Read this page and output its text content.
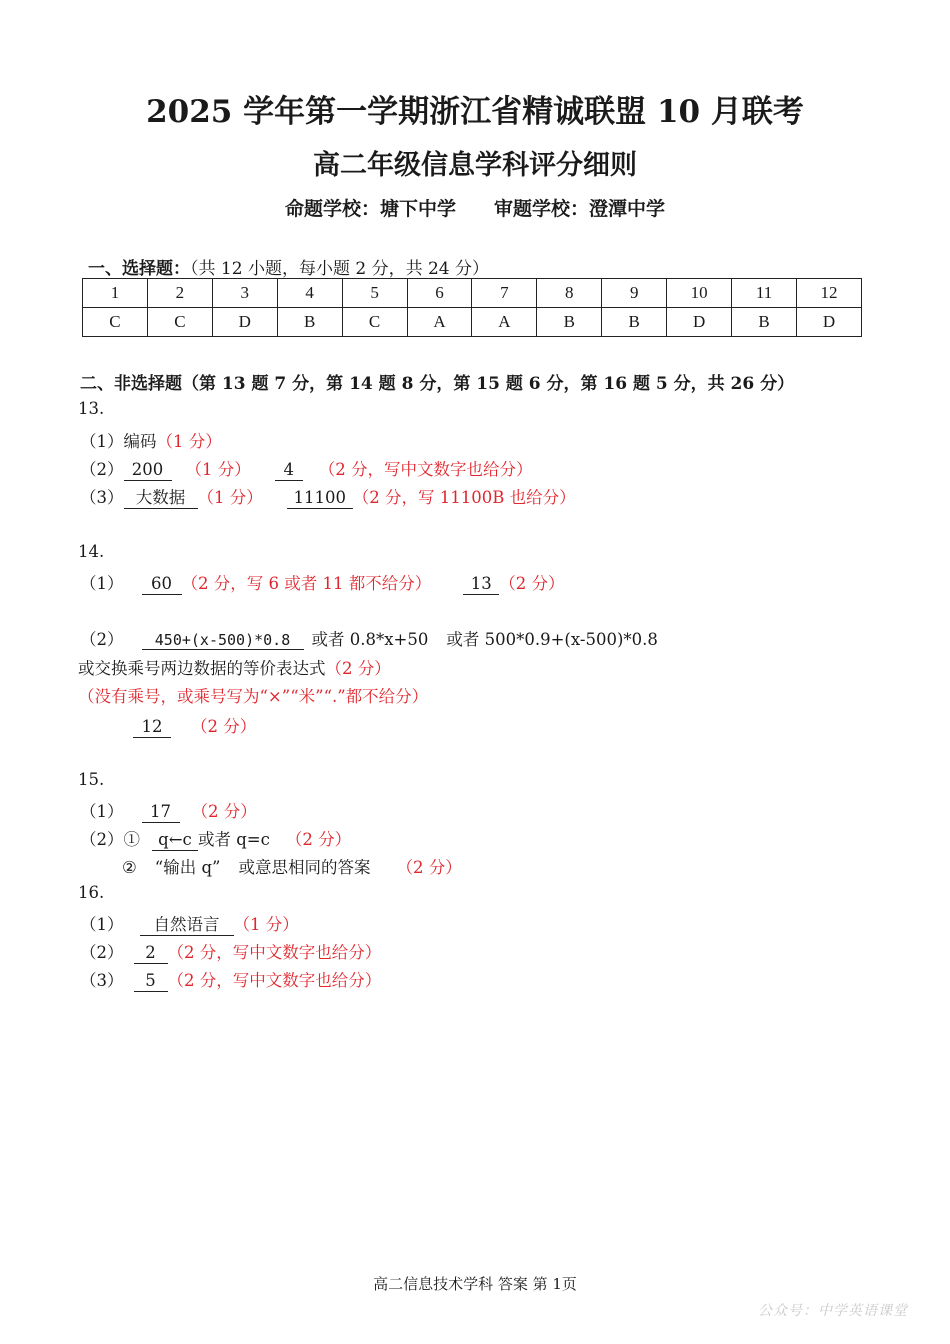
2025 学年第一学期浙江省精诚联盟 10 月联考
高二年级信息学科评分细则
命题学校：塘下中学　　审题学校：澄潭中学
一、选择题：（共 12 小题，每小题 2 分，共 24 分）
1	2	3	4	5	6	7	8	9	10	11	12
C	C	D	B	C	A	A	B	B	D	B	D
二、非选择题（第 13 题 7 分，第 14 题 8 分，第 15 题 6 分，第 16 题 5 分，共 26 分）
13.
（1）编码（1 分）
（2） 200 （1 分） 4 （2 分，写中文数字也给分）
（3） 大数据 （1 分） 11100 （2 分，写 11100B 也给分）
14.
（1） 60 （2 分，写 6 或者 11 都不给分） 13 （2 分）
（2） 450+(x-500)*0.8 或者 0.8*x+50 或者 500*0.9+(x-500)*0.8
或交换乘号两边数据的等价表达式（2 分）
（没有乘号，或乘号写为“×”“米”“.”都不给分）
12 （2 分）
15.
（1） 17 （2 分）
（2）① q←c 或者 q=c （2 分）
② “输出 q” 或意思相同的答案 （2 分）
16.
（1） 自然语言 （1 分）
（2） 2 （2 分，写中文数字也给分）
（3） 5 （2 分，写中文数字也给分）
高二信息技术学科 答案 第 1页
公众号：中学英语课堂
